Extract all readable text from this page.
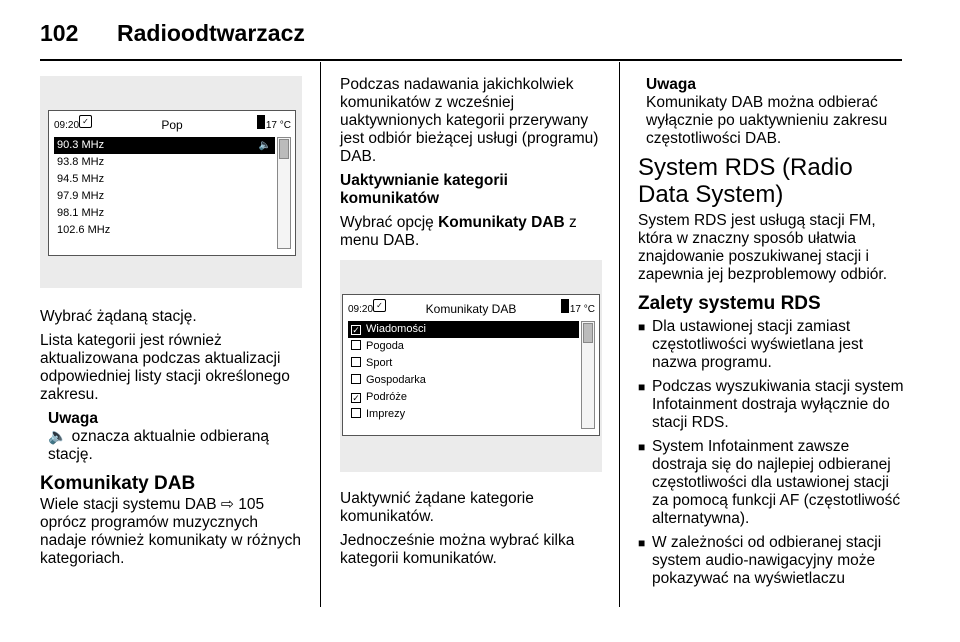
102 Radioodtwarzacz
09:20 ✓	Pop	17 °C
90.3 MHz	🔈
93.8 MHz
94.5 MHz
97.9 MHz
98.1 MHz
102.6 MHz

Wybrać żądaną stację.

Lista kategorii jest również aktualizowana podczas aktualizacji odpowiedniej listy stacji określonego zakresu.

Uwaga

🔈 oznacza aktualnie odbieraną stację.

Komunikaty DAB

Wiele stacji systemu DAB ⇨ 105 oprócz programów muzycznych nadaje również komunikaty w różnych kategoriach.

Podczas nadawania jakichkolwiek komunikatów z wcześniej uaktywnionych kategorii przerywany jest odbiór bieżącej usługi (programu) DAB.

Uaktywnianie kategorii komunikatów

Wybrać opcję Komunikaty DAB z menu DAB.

09:20 ✓	Komunikaty DAB	17 °C
✓ Wiadomości
Pogoda
Sport
Gospodarka
✓ Podróże
Imprezy

Uaktywnić żądane kategorie komunikatów.

Jednocześnie można wybrać kilka kategorii komunikatów.

Uwaga

Komunikaty DAB można odbierać wyłącznie po uaktywnieniu zakresu częstotliwości DAB.

System RDS (Radio Data System)

System RDS jest usługą stacji FM, która w znaczny sposób ułatwia znajdowanie poszukiwanej stacji i zapewnia jej bezproblemowy odbiór.

Zalety systemu RDS
■ Dla ustawionej stacji zamiast częstotliwości wyświetlana jest nazwa programu.
■ Podczas wyszukiwania stacji system Infotainment dostraja wyłącznie do stacji RDS.
■ System Infotainment zawsze dostraja się do najlepiej odbieranej częstotliwości dla ustawionej stacji za pomocą funkcji AF (częstotliwość alternatywna).
■ W zależności od odbieranej stacji system audio-nawigacyjny może pokazywać na wyświetlaczu
